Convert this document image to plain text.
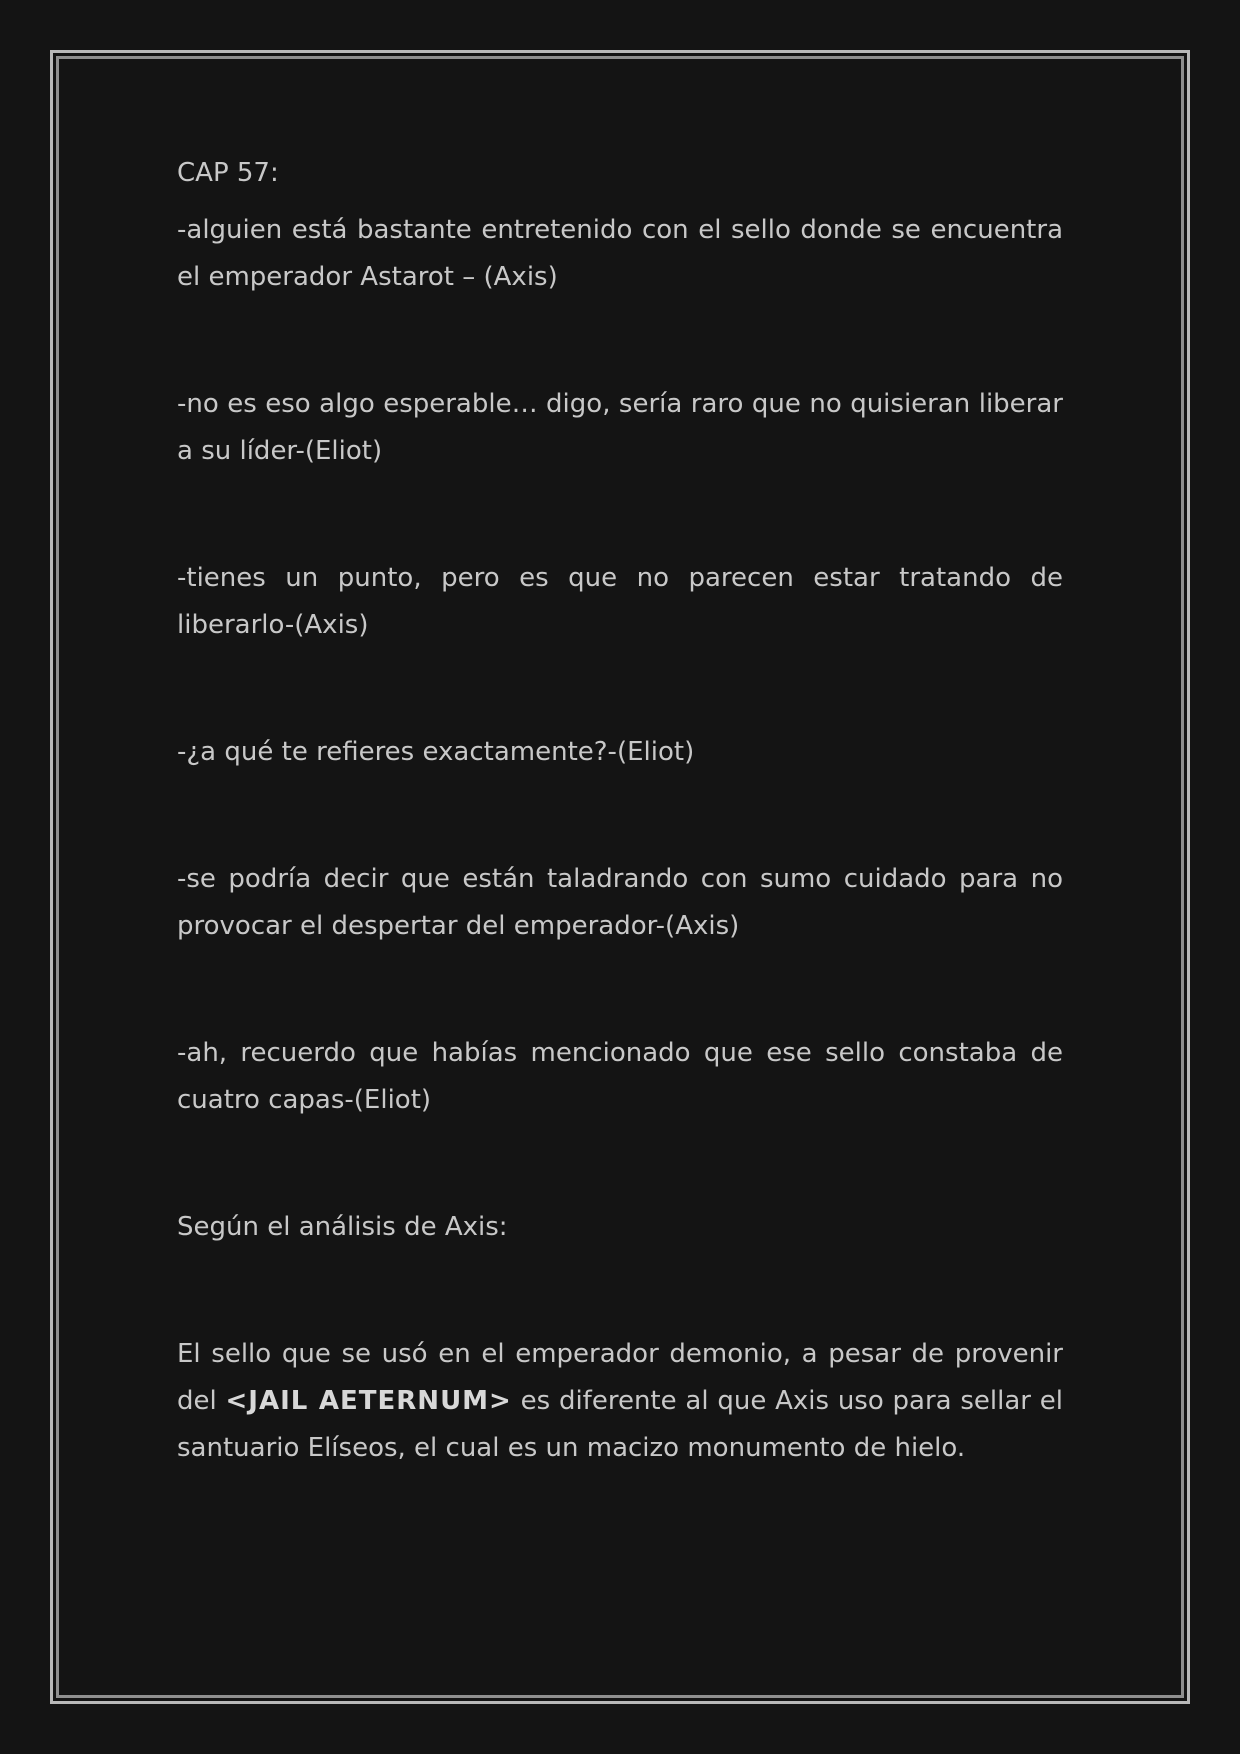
CAP 57:

-alguien está bastante entretenido con el sello donde se encuentra el emperador Astarot – (Axis)

-no es eso algo esperable… digo, sería raro que no quisieran liberar a su líder-(Eliot)

-tienes un punto, pero es que no parecen estar tratando de liberarlo-(Axis)

-¿a qué te refieres exactamente?-(Eliot)

-se podría decir que están taladrando con sumo cuidado para no provocar el despertar del emperador-(Axis)

-ah, recuerdo que habías mencionado que ese sello constaba de cuatro capas-(Eliot)

Según el análisis de Axis:

El sello que se usó en el emperador demonio, a pesar de provenir del <JAIL AETERNUM> es diferente al que Axis uso para sellar el santuario Elíseos, el cual es un macizo monumento de hielo.
